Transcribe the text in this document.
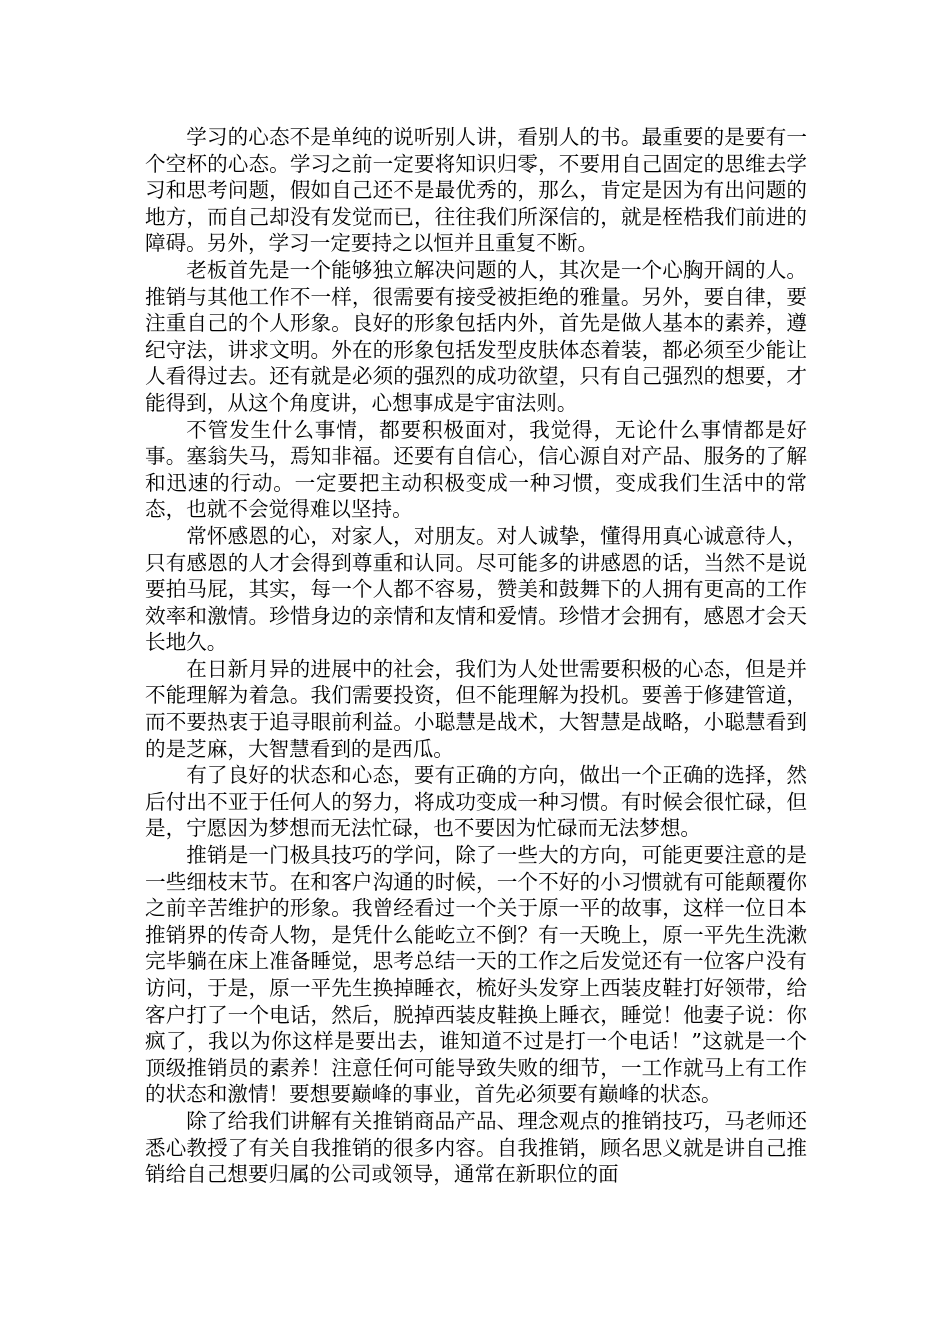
学习的心态不是单纯的说听别人讲，看别人的书。最重要的是要有一个空杯的心态。学习之前一定要将知识归零，不要用自己固定的思维去学习和思考问题，假如自己还不是最优秀的，那么，肯定是因为有出问题的地方，而自己却没有发觉而已，往往我们所深信的，就是桎梏我们前进的障碍。另外，学习一定要持之以恒并且重复不断。

老板首先是一个能够独立解决问题的人，其次是一个心胸开阔的人。推销与其他工作不一样，很需要有接受被拒绝的雅量。另外，要自律，要注重自己的个人形象。良好的形象包括内外，首先是做人基本的素养，遵纪守法，讲求文明。外在的形象包括发型皮肤体态着装，都必须至少能让人看得过去。还有就是必须的强烈的成功欲望，只有自己强烈的想要，才能得到，从这个角度讲，心想事成是宇宙法则。

不管发生什么事情，都要积极面对，我觉得，无论什么事情都是好事。塞翁失马，焉知非福。还要有自信心，信心源自对产品、服务的了解和迅速的行动。一定要把主动积极变成一种习惯，变成我们生活中的常态，也就不会觉得难以坚持。

常怀感恩的心，对家人，对朋友。对人诚挚，懂得用真心诚意待人，只有感恩的人才会得到尊重和认同。尽可能多的讲感恩的话，当然不是说要拍马屁，其实，每一个人都不容易，赞美和鼓舞下的人拥有更高的工作效率和激情。珍惜身边的亲情和友情和爱情。珍惜才会拥有，感恩才会天长地久。

在日新月异的进展中的社会，我们为人处世需要积极的心态，但是并不能理解为着急。我们需要投资，但不能理解为投机。要善于修建管道，而不要热衷于追寻眼前利益。小聪慧是战术，大智慧是战略，小聪慧看到的是芝麻，大智慧看到的是西瓜。

有了良好的状态和心态，要有正确的方向，做出一个正确的选择，然后付出不亚于任何人的努力，将成功变成一种习惯。有时候会很忙碌，但是，宁愿因为梦想而无法忙碌，也不要因为忙碌而无法梦想。

推销是一门极具技巧的学问，除了一些大的方向，可能更要注意的是一些细枝末节。在和客户沟通的时候，一个不好的小习惯就有可能颠覆你之前辛苦维护的形象。我曾经看过一个关于原一平的故事，这样一位日本推销界的传奇人物，是凭什么能屹立不倒？有一天晚上，原一平先生洗漱完毕躺在床上准备睡觉，思考总结一天的工作之后发觉还有一位客户没有访问，于是，原一平先生换掉睡衣，梳好头发穿上西装皮鞋打好领带，给客户打了一个电话，然后，脱掉西装皮鞋换上睡衣，睡觉！他妻子说：你疯了，我以为你这样是要出去，谁知道不过是打一个电话！”这就是一个顶级推销员的素养！注意任何可能导致失败的细节，一工作就马上有工作的状态和激情！要想要巅峰的事业，首先必须要有巅峰的状态。

除了给我们讲解有关推销商品产品、理念观点的推销技巧，马老师还悉心教授了有关自我推销的很多内容。自我推销，顾名思义就是讲自己推销给自己想要归属的公司或领导，通常在新职位的面
